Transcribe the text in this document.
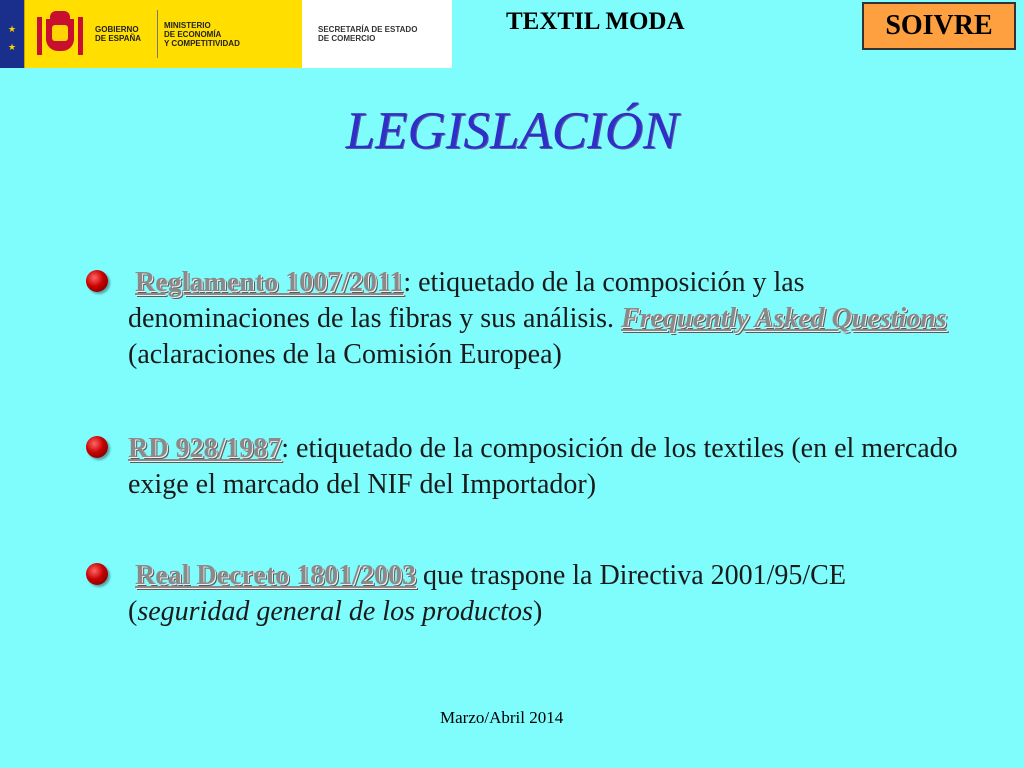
★ ★
GOBIERNO
DE ESPAÑA
MINISTERIO
DE ECONOMÍA
Y COMPETITIVIDAD
SECRETARÍA DE ESTADO
DE COMERCIO
TEXTIL MODA	SOIVRE
LEGISLACIÓN
Reglamento 1007/2011: etiquetado de la composición y las denominaciones de las fibras y sus análisis. Frequently Asked Questions (aclaraciones de la Comisión Europea)
RD 928/1987: etiquetado de la composición de los textiles (en el mercado exige el marcado del NIF del Importador)
Real Decreto 1801/2003 que traspone la Directiva 2001/95/CE (seguridad general de los productos)
Marzo/Abril 2014
